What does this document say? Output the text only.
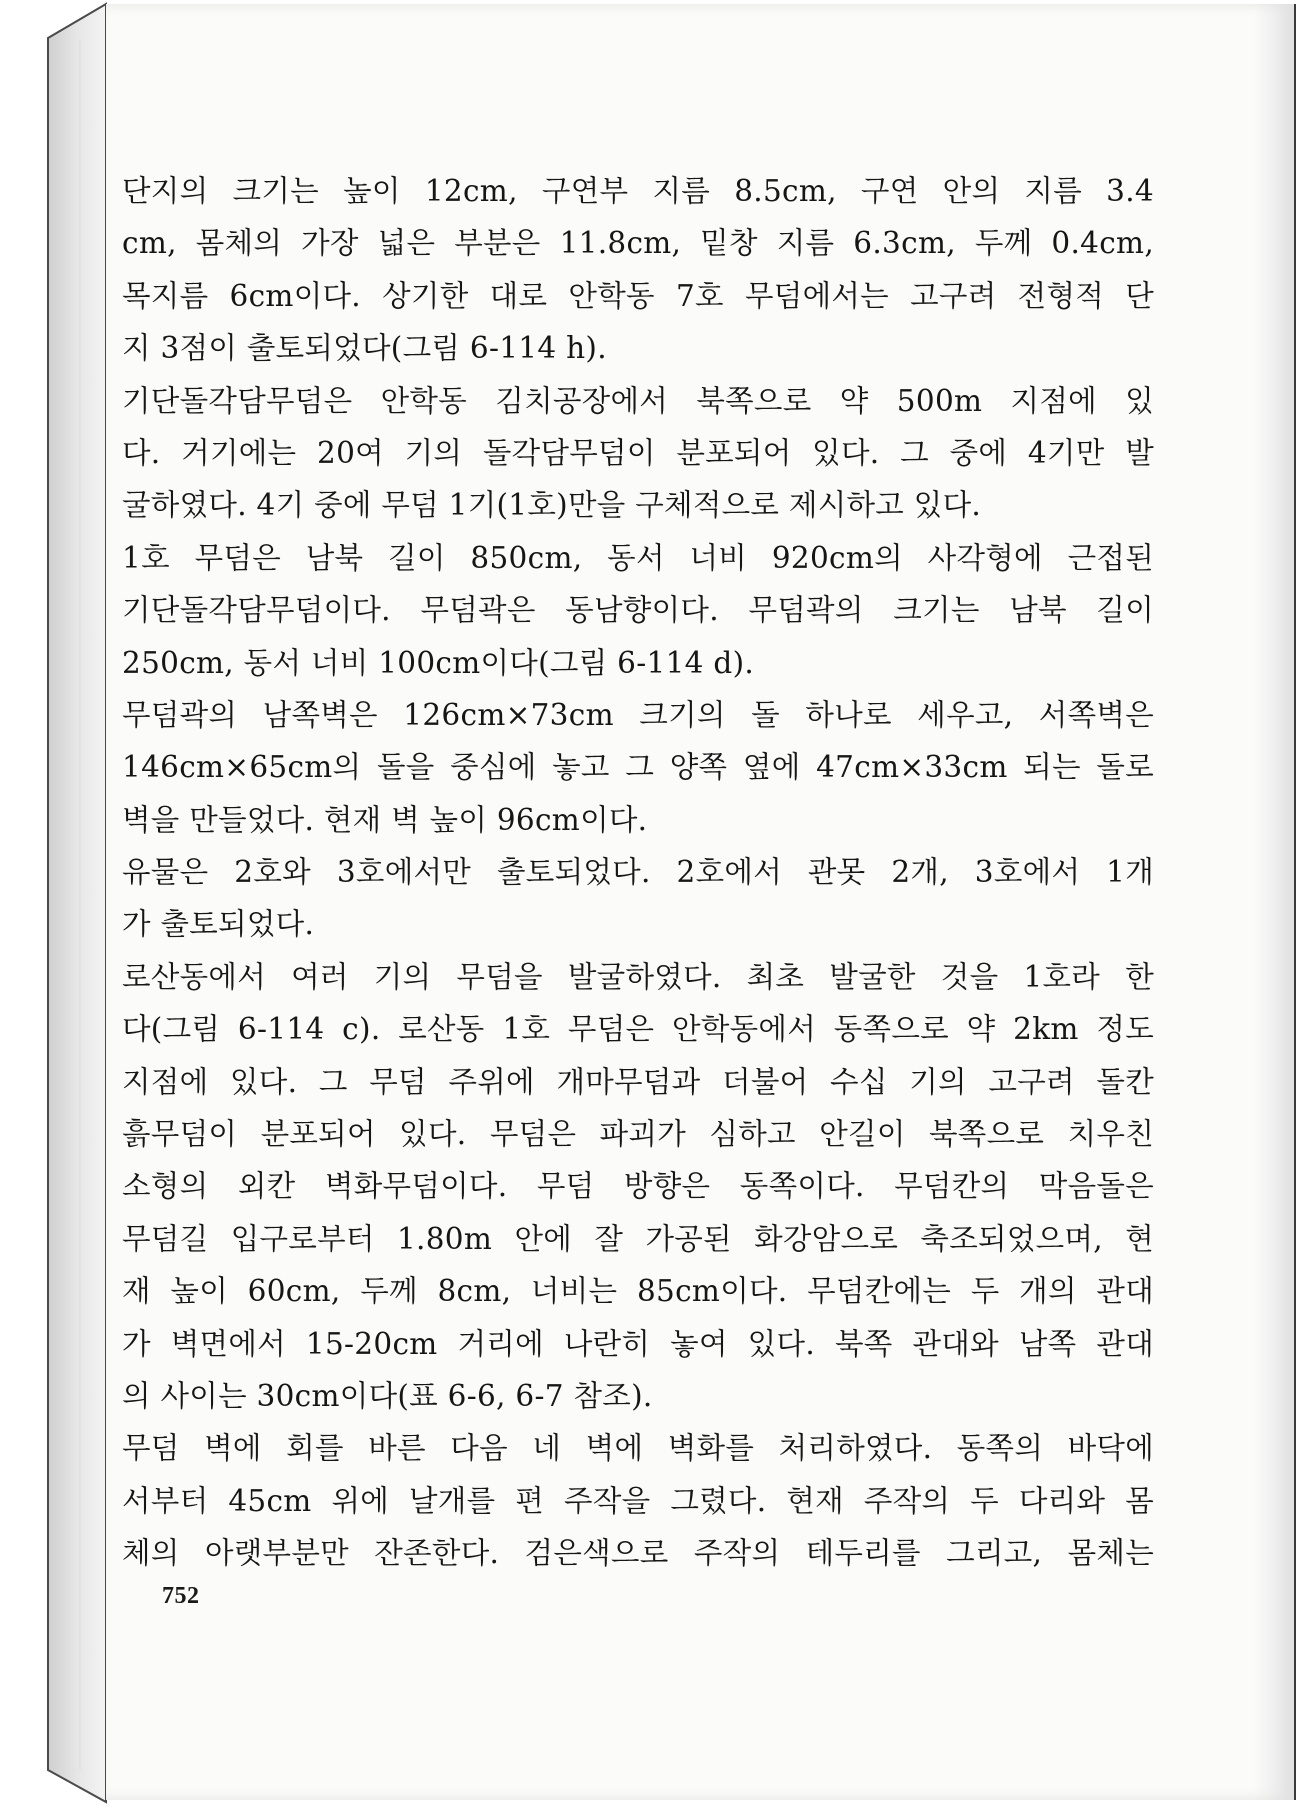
단지의 크기는 높이 12cm, 구연부 지름 8.5cm, 구연 안의 지름 3.4
cm, 몸체의 가장 넓은 부분은 11.8cm, 밑창 지름 6.3cm, 두께 0.4cm,
목지름 6cm이다. 상기한 대로 안학동 7호 무덤에서는 고구려 전형적 단
지 3점이 출토되었다(그림 6-114 h).
기단돌각담무덤은 안학동 김치공장에서 북쪽으로 약 500m 지점에 있
다. 거기에는 20여 기의 돌각담무덤이 분포되어 있다. 그 중에 4기만 발
굴하였다. 4기 중에 무덤 1기(1호)만을 구체적으로 제시하고 있다.
1호 무덤은 남북 길이 850cm, 동서 너비 920cm의 사각형에 근접된
기단돌각담무덤이다. 무덤곽은 동남향이다. 무덤곽의 크기는 남북 길이
250cm, 동서 너비 100cm이다(그림 6-114 d).
무덤곽의 남쪽벽은 126cm×73cm 크기의 돌 하나로 세우고, 서쪽벽은
146cm×65cm의 돌을 중심에 놓고 그 양쪽 옆에 47cm×33cm 되는 돌로
벽을 만들었다. 현재 벽 높이 96cm이다.
유물은 2호와 3호에서만 출토되었다. 2호에서 관못 2개, 3호에서 1개
가 출토되었다.
로산동에서 여러 기의 무덤을 발굴하였다. 최초 발굴한 것을 1호라 한
다(그림 6-114 c). 로산동 1호 무덤은 안학동에서 동쪽으로 약 2km 정도
지점에 있다. 그 무덤 주위에 개마무덤과 더불어 수십 기의 고구려 돌칸
흙무덤이 분포되어 있다. 무덤은 파괴가 심하고 안길이 북쪽으로 치우친
소형의 외칸 벽화무덤이다. 무덤 방향은 동쪽이다. 무덤칸의 막음돌은
무덤길 입구로부터 1.80m 안에 잘 가공된 화강암으로 축조되었으며, 현
재 높이 60cm, 두께 8cm, 너비는 85cm이다. 무덤칸에는 두 개의 관대
가 벽면에서 15-20cm 거리에 나란히 놓여 있다. 북쪽 관대와 남쪽 관대
의 사이는 30cm이다(표 6-6, 6-7 참조).
무덤 벽에 회를 바른 다음 네 벽에 벽화를 처리하였다. 동쪽의 바닥에
서부터 45cm 위에 날개를 편 주작을 그렸다. 현재 주작의 두 다리와 몸
체의 아랫부분만 잔존한다. 검은색으로 주작의 테두리를 그리고, 몸체는
752
